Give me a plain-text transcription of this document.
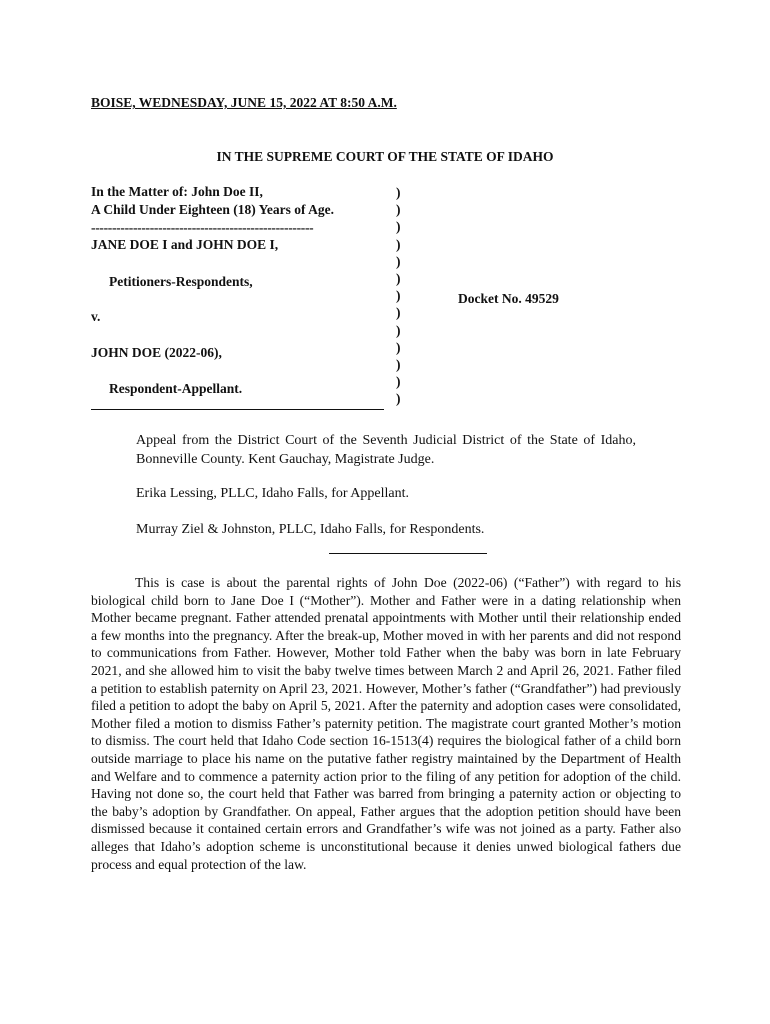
BOISE, WEDNESDAY, JUNE 15, 2022 AT 8:50 A.M.
IN THE SUPREME COURT OF THE STATE OF IDAHO
In the Matter of: John Doe II,
A Child Under Eighteen (18) Years of Age.
-----------------------------------------------------
JANE DOE I and JOHN DOE I,
Petitioners-Respondents,
v.
JOHN DOE (2022-06),
Respondent-Appellant.
)
)
)
)
)
)
)
)
)
)
)
)
)
Docket No. 49529
Appeal from the District Court of the Seventh Judicial District of the State of Idaho, Bonneville County. Kent Gauchay, Magistrate Judge.
Erika Lessing, PLLC, Idaho Falls, for Appellant.
Murray Ziel & Johnston, PLLC, Idaho Falls, for Respondents.
This is case is about the parental rights of John Doe (2022-06) (“Father”) with regard to his biological child born to Jane Doe I (“Mother”). Mother and Father were in a dating relationship when Mother became pregnant. Father attended prenatal appointments with Mother until their relationship ended a few months into the pregnancy. After the break-up, Mother moved in with her parents and did not respond to communications from Father. However, Mother told Father when the baby was born in late February 2021, and she allowed him to visit the baby twelve times between March 2 and April 26, 2021. Father filed a petition to establish paternity on April 23, 2021. However, Mother’s father (“Grandfather”) had previously filed a petition to adopt the baby on April 5, 2021. After the paternity and adoption cases were consolidated, Mother filed a motion to dismiss Father’s paternity petition. The magistrate court granted Mother’s motion to dismiss. The court held that Idaho Code section 16-1513(4) requires the biological father of a child born outside marriage to place his name on the putative father registry maintained by the Department of Health and Welfare and to commence a paternity action prior to the filing of any petition for adoption of the child. Having not done so, the court held that Father was barred from bringing a paternity action or objecting to the baby’s adoption by Grandfather. On appeal, Father argues that the adoption petition should have been dismissed because it contained certain errors and Grandfather’s wife was not joined as a party. Father also alleges that Idaho’s adoption scheme is unconstitutional because it denies unwed biological fathers due process and equal protection of the law.
